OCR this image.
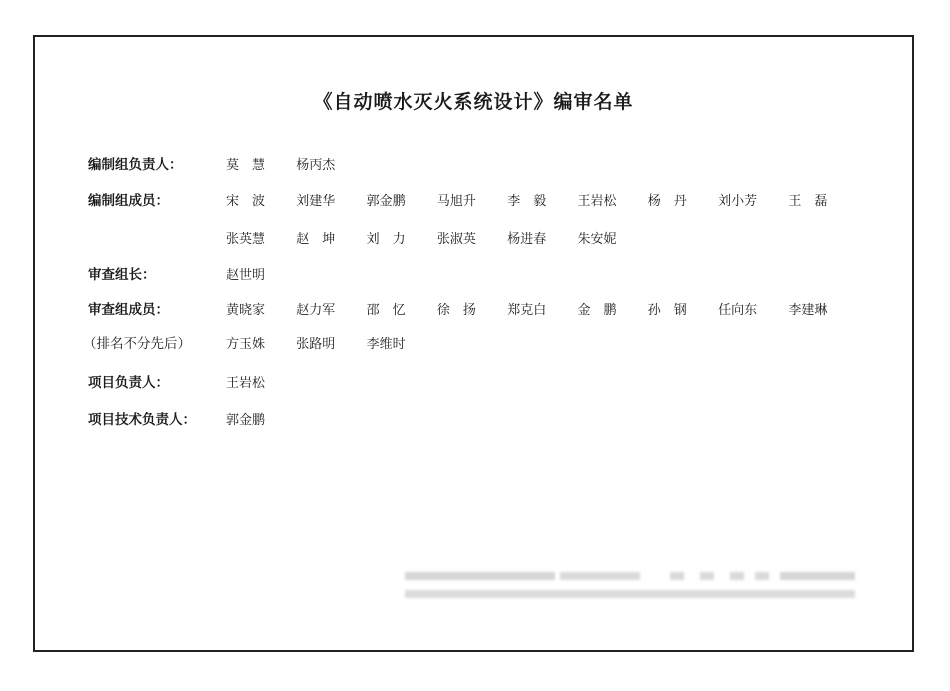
《自动喷水灭火系统设计》编审名单
编制组负责人：	莫　慧 杨丙杰
编制组成员：	宋　波 刘建华 郭金鹏 马旭升 李　毅 王岩松 杨　丹 刘小芳 王　磊
张英慧 赵　坤 刘　力 张淑英 杨进春 朱安妮
审查组长：	赵世明
审查组成员：	黄晓家 赵力军 邵　忆 徐　扬 郑克白 金　鹏 孙　钢 任向东 李建琳
（排名不分先后）	方玉姝 张路明 李维时
项目负责人：	王岩松
项目技术负责人： 郭金鹏
